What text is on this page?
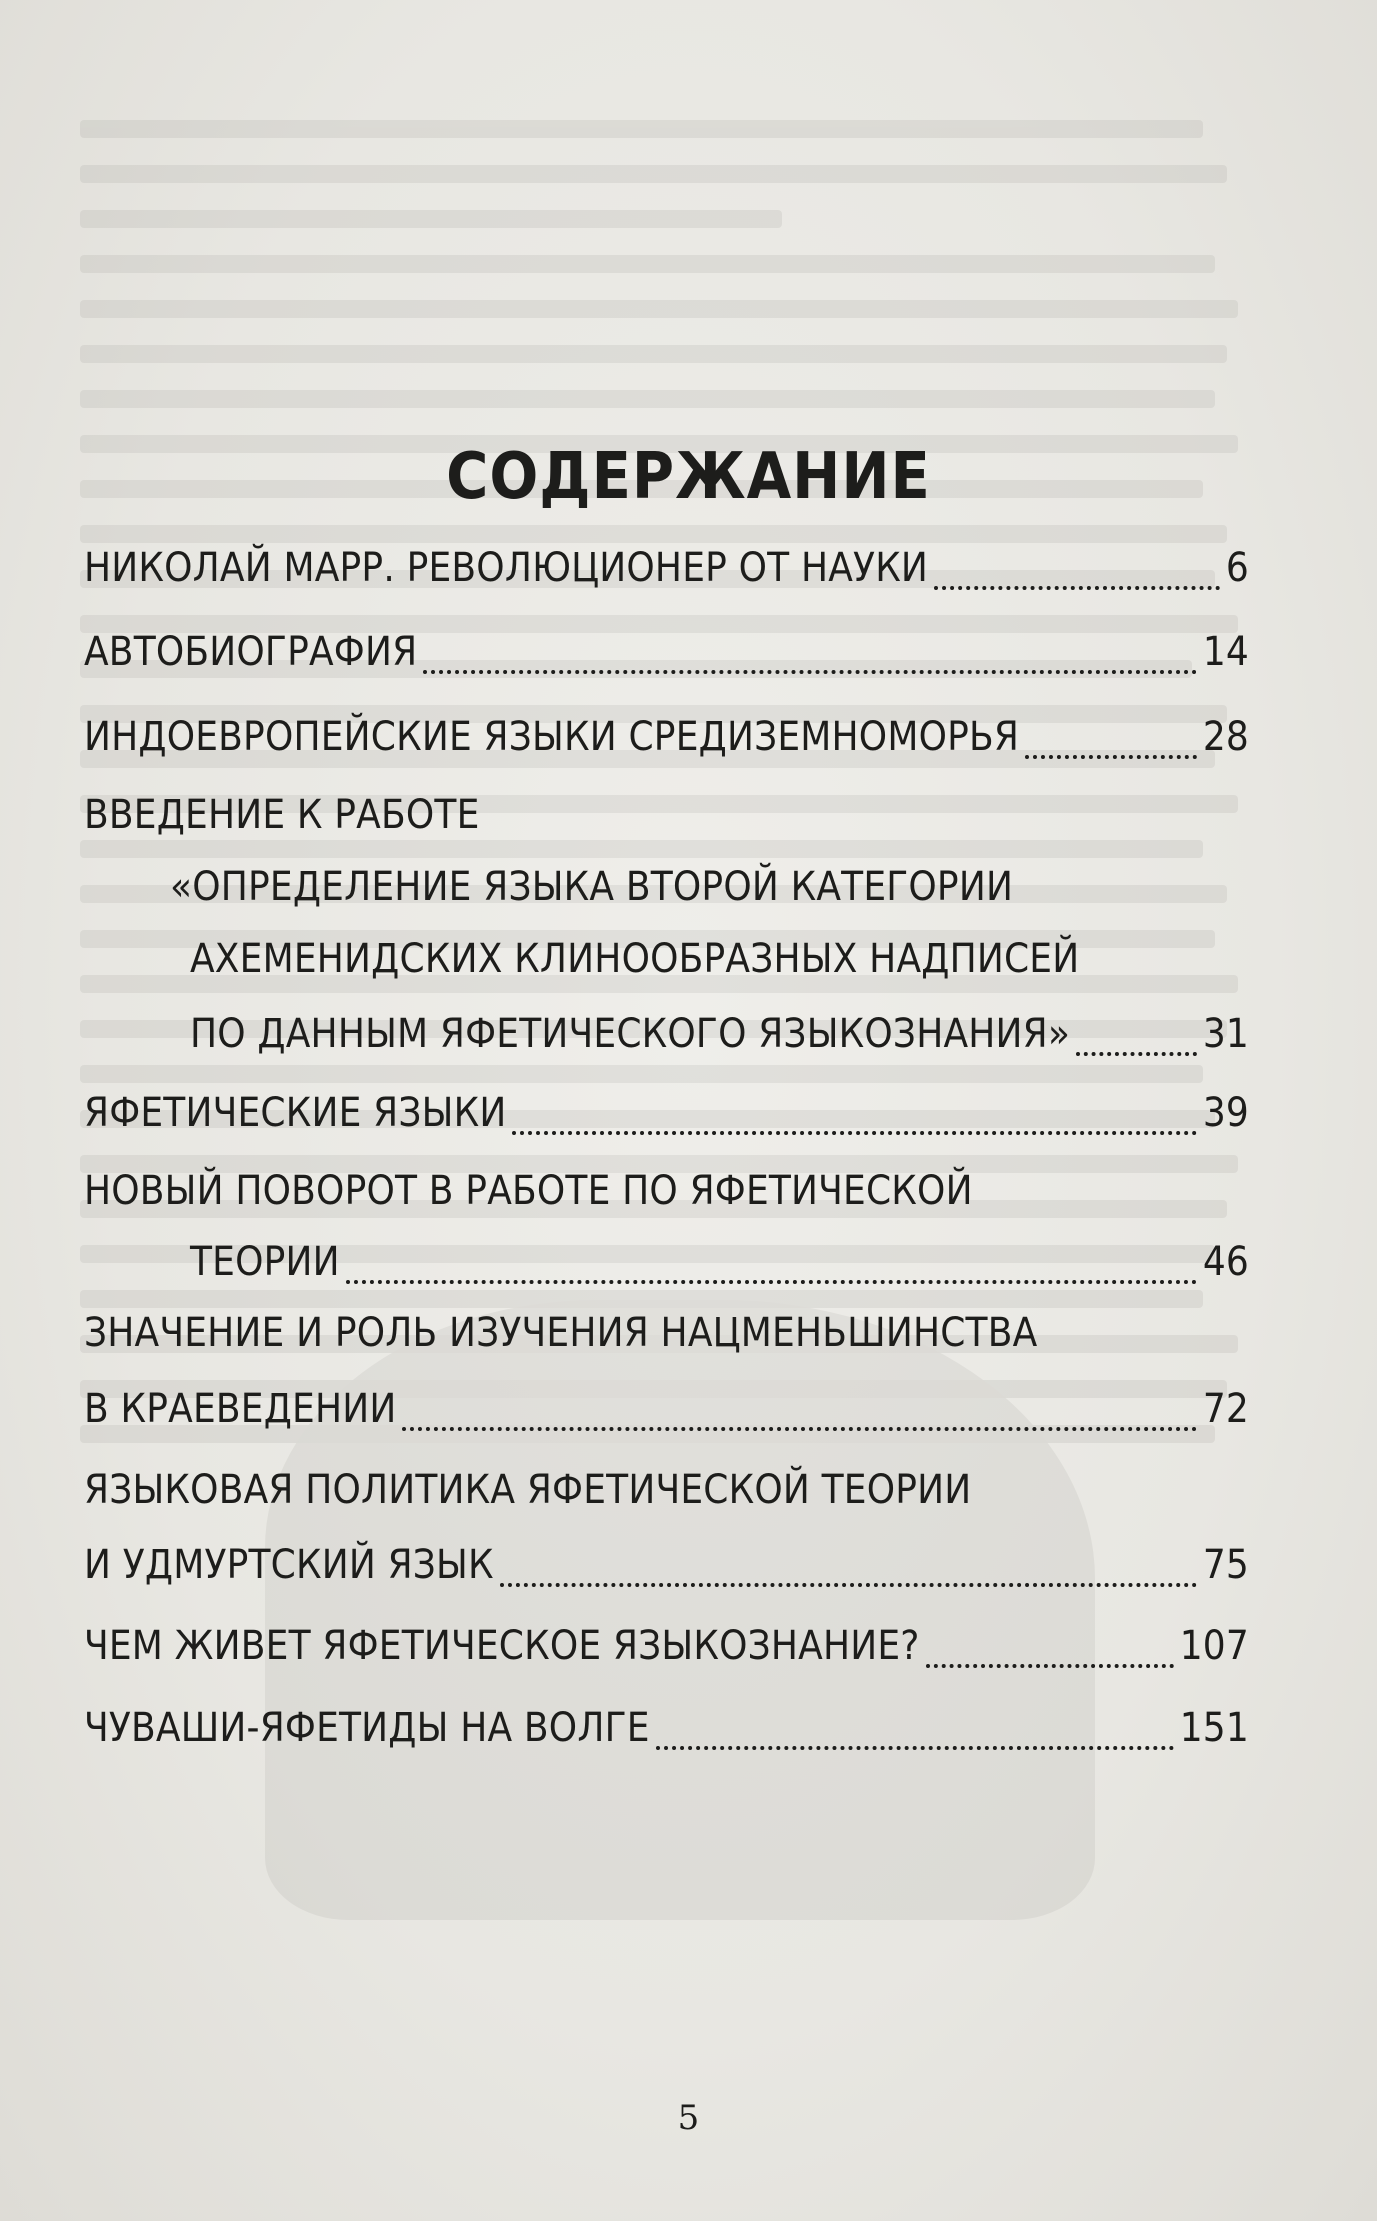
СОДЕРЖАНИЕ
НИКОЛАЙ МАРР. РЕВОЛЮЦИОНЕР ОТ НАУКИ	6
АВТОБИОГРАФИЯ	14
ИНДОЕВРОПЕЙСКИЕ ЯЗЫКИ СРЕДИЗЕМНОМОРЬЯ	28
ВВЕДЕНИЕ К РАБОТЕ
«ОПРЕДЕЛЕНИЕ ЯЗЫКА ВТОРОЙ КАТЕГОРИИ
АХЕМЕНИДСКИХ КЛИНООБРАЗНЫХ НАДПИСЕЙ
ПО ДАННЫМ ЯФЕТИЧЕСКОГО ЯЗЫКОЗНАНИЯ»	31
ЯФЕТИЧЕСКИЕ ЯЗЫКИ	39
НОВЫЙ ПОВОРОТ В РАБОТЕ ПО ЯФЕТИЧЕСКОЙ
ТЕОРИИ	46
ЗНАЧЕНИЕ И РОЛЬ ИЗУЧЕНИЯ НАЦМЕНЬШИНСТВА
В КРАЕВЕДЕНИИ	72
ЯЗЫКОВАЯ ПОЛИТИКА ЯФЕТИЧЕСКОЙ ТЕОРИИ
И УДМУРТСКИЙ ЯЗЫК	75
ЧЕМ ЖИВЕТ ЯФЕТИЧЕСКОЕ ЯЗЫКОЗНАНИЕ?	107
ЧУВАШИ-ЯФЕТИДЫ НА ВОЛГЕ	151
5
